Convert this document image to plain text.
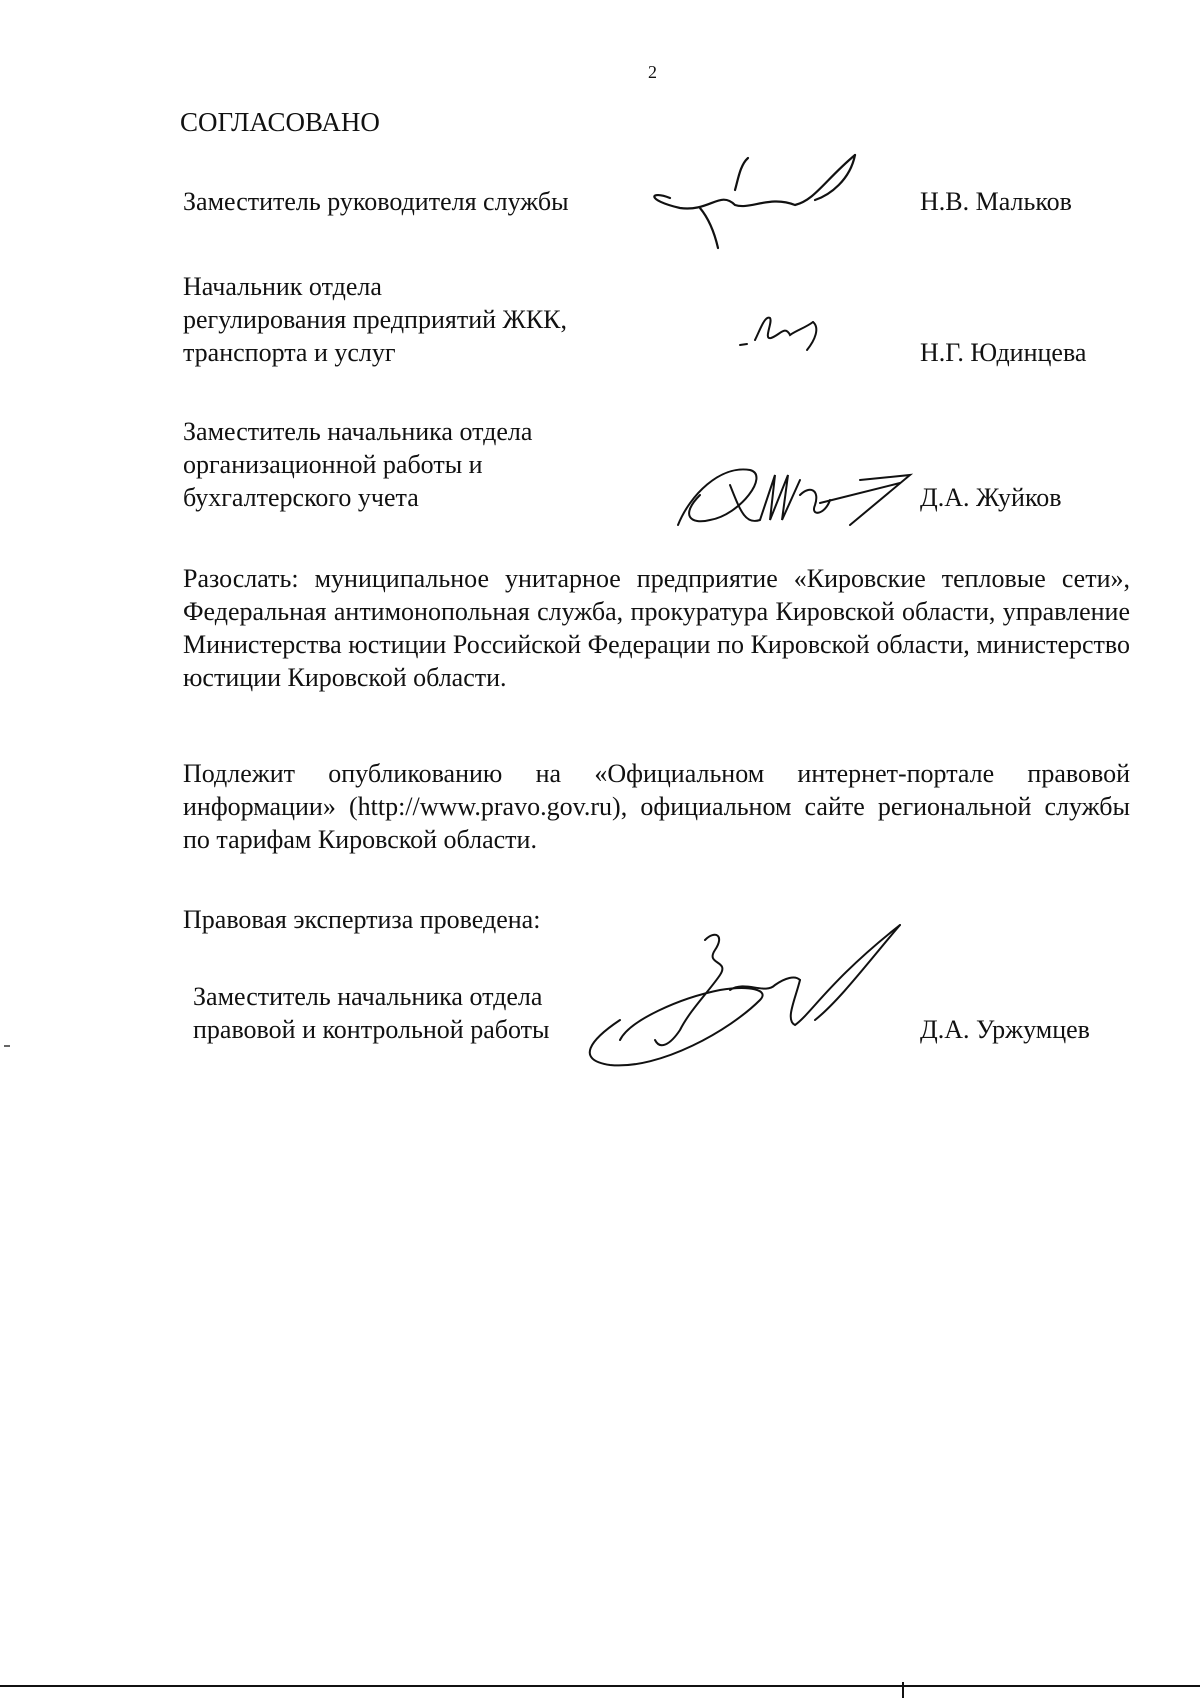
2
СОГЛАСОВАНО
Заместитель руководителя службы	Н.В. Мальков
Начальник отдела
регулирования предприятий ЖКК,
транспорта и услуг	Н.Г. Юдинцева
Заместитель начальника отдела
организационной работы и
бухгалтерского учета	Д.А. Жуйков
Разослать: муниципальное унитарное предприятие «Кировские тепловые сети», Федеральная антимонопольная служба, прокуратура Кировской области, управление Министерства юстиции Российской Федерации по Кировской области, министерство юстиции Кировской области.
Подлежит опубликованию на «Официальном интернет-портале правовой информации» (http://www.pravo.gov.ru), официальном сайте региональной службы по тарифам Кировской области.
Правовая экспертиза проведена:
Заместитель начальника отдела
правовой и контрольной работы	Д.А. Уржумцев
